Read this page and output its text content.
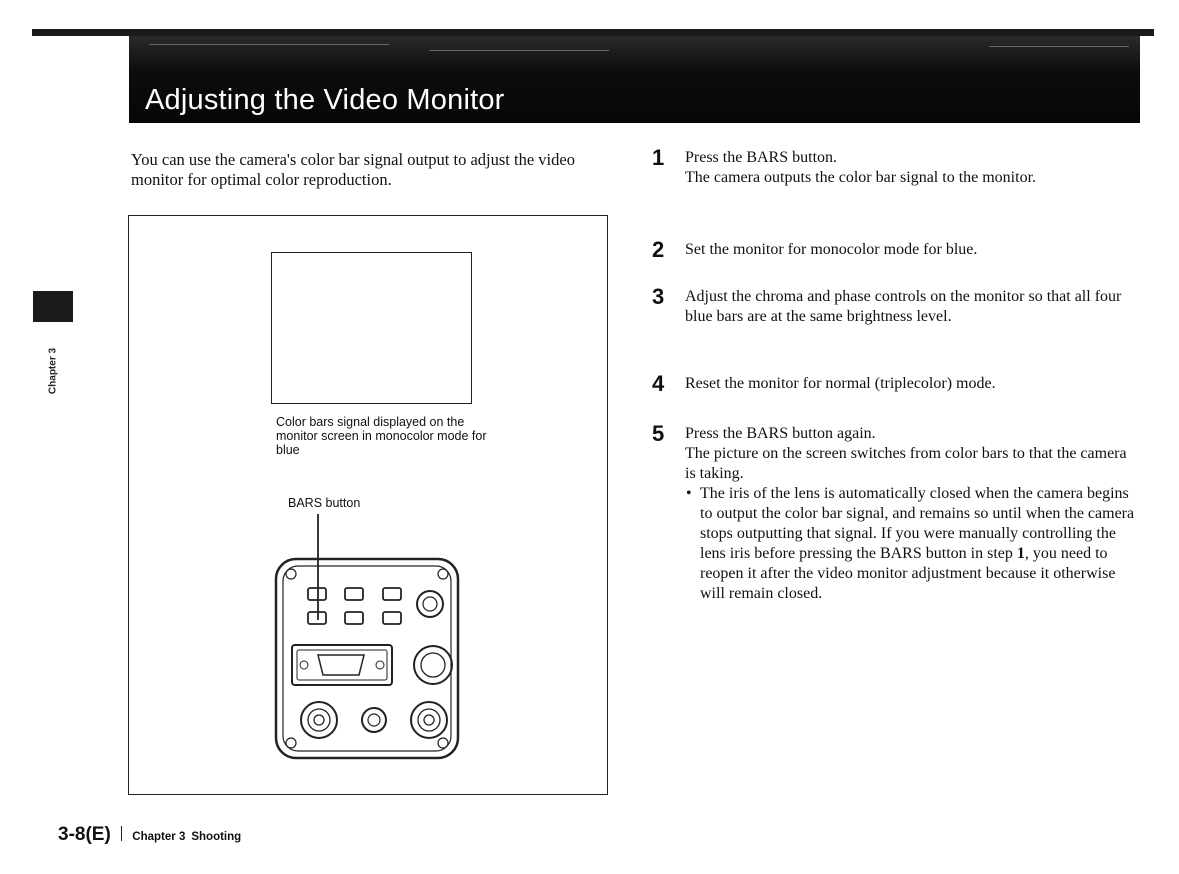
Adjusting the Video Monitor
Chapter 3

You can use the camera's color bar signal output to adjust the video monitor for optimal color reproduction.

Color bars signal displayed on the monitor screen in monocolor mode for blue

BARS button

1 Press the BARS button.

The camera outputs the color bar signal to the monitor.

2 Set the monitor for monocolor mode for blue.

3 Adjust the chroma and phase controls on the monitor so that all four blue bars are at the same brightness level.

4 Reset the monitor for normal (triplecolor) mode.

5 Press the BARS button again.

The picture on the screen switches from color bars to that the camera is taking.

• The iris of the lens is automatically closed when the camera begins to output the color bar signal, and remains so until when the camera stops outputting that signal. If you were manually controlling the lens iris before pressing the BARS button in step 1, you need to reopen it after the video monitor adjustment because it otherwise will remain closed.

3-8(E) Chapter 3 Shooting
